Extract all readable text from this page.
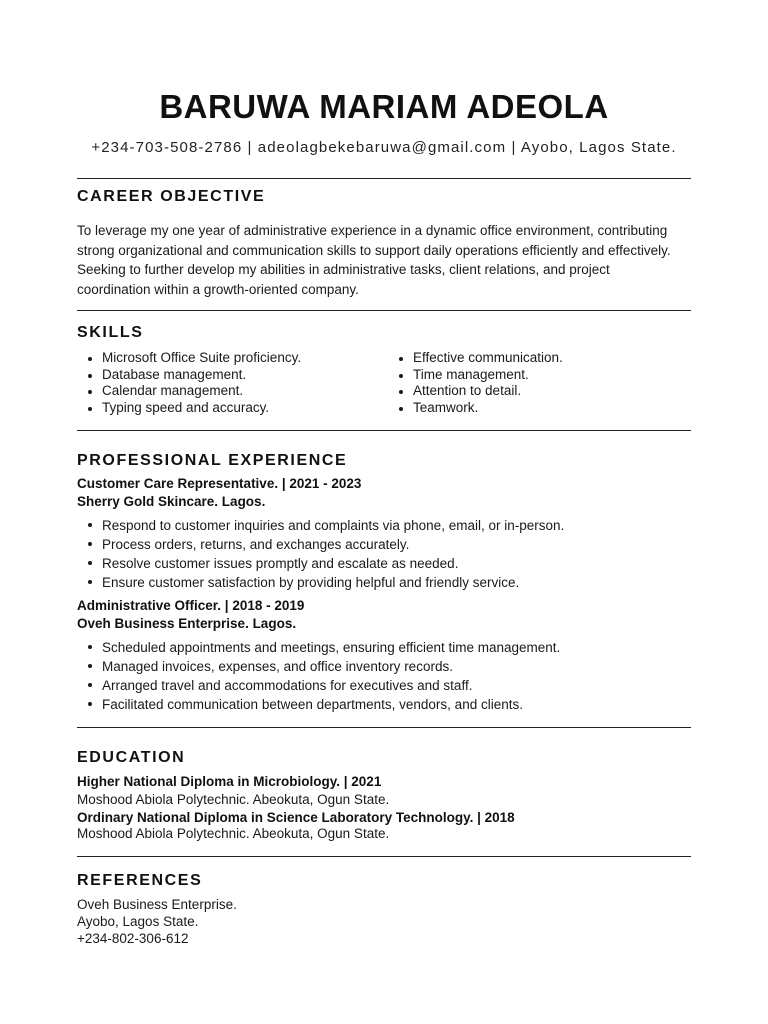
BARUWA MARIAM ADEOLA
+234-703-508-2786 | adeolagbekebaruwa@gmail.com | Ayobo, Lagos State.
CAREER OBJECTIVE
To leverage my one year of administrative experience in a dynamic office environment, contributing strong organizational and communication skills to support daily operations efficiently and effectively. Seeking to further develop my abilities in administrative tasks, client relations, and project coordination within a growth-oriented company.
SKILLS
Microsoft Office Suite proficiency.
Database management.
Calendar management.
Typing speed and accuracy.
Effective communication.
Time management.
Attention to detail.
Teamwork.
PROFESSIONAL EXPERIENCE
Customer Care Representative. | 2021 - 2023
Sherry Gold Skincare. Lagos.
Respond to customer inquiries and complaints via phone, email, or in-person.
Process orders, returns, and exchanges accurately.
Resolve customer issues promptly and escalate as needed.
Ensure customer satisfaction by providing helpful and friendly service.
Administrative Officer. | 2018 - 2019
Oveh Business Enterprise. Lagos.
Scheduled appointments and meetings, ensuring efficient time management.
Managed invoices, expenses, and office inventory records.
Arranged travel and accommodations for executives and staff.
Facilitated communication between departments, vendors, and clients.
EDUCATION
Higher National Diploma in Microbiology. | 2021
Moshood Abiola Polytechnic. Abeokuta, Ogun State.
Ordinary National Diploma in Science Laboratory Technology. | 2018
Moshood Abiola Polytechnic. Abeokuta, Ogun State.
REFERENCES
Oveh Business Enterprise.
Ayobo, Lagos State.
+234-802-306-612
